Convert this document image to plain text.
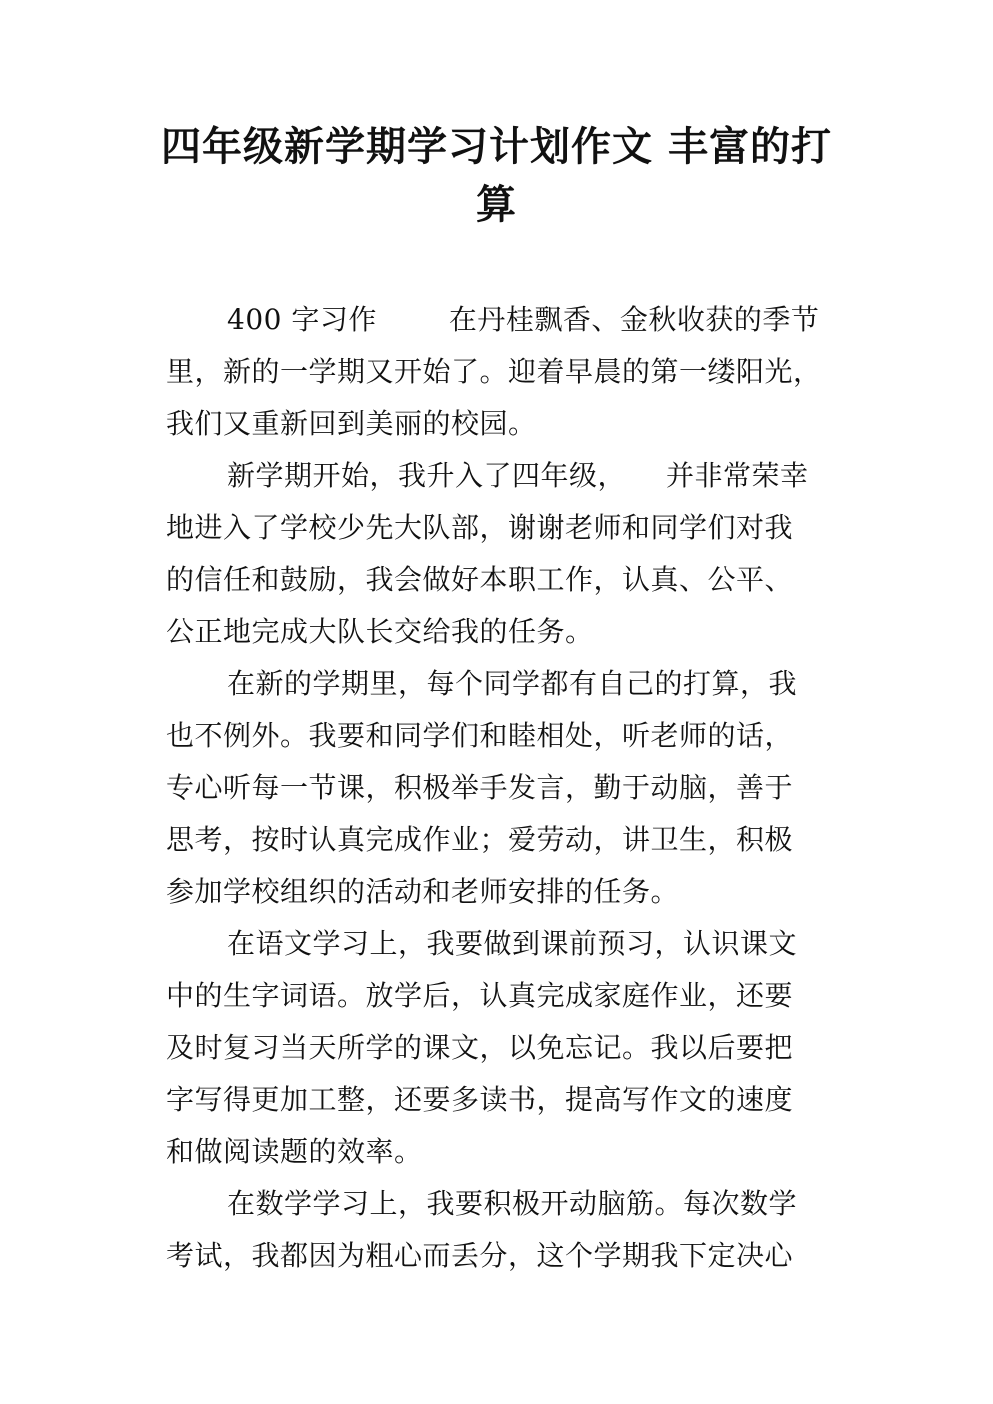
四年级新学期学习计划作文 丰富的打
算
400 字习作	在丹桂飘香、金秋收获的季节
里，新的一学期又开始了。迎着早晨的第一缕阳光，
我们又重新回到美丽的校园。
新学期开始，我升入了四年级， 并非常荣幸
地进入了学校少先大队部，谢谢老师和同学们对我
的信任和鼓励，我会做好本职工作，认真、公平、
公正地完成大队长交给我的任务。
在新的学期里，每个同学都有自己的打算，我
也不例外。我要和同学们和睦相处，听老师的话，
专心听每一节课，积极举手发言，勤于动脑，善于
思考，按时认真完成作业；爱劳动，讲卫生，积极
参加学校组织的活动和老师安排的任务。
在语文学习上，我要做到课前预习，认识课文
中的生字词语。放学后，认真完成家庭作业，还要
及时复习当天所学的课文，以免忘记。我以后要把
字写得更加工整，还要多读书，提高写作文的速度
和做阅读题的效率。
在数学学习上，我要积极开动脑筋。每次数学
考试，我都因为粗心而丢分，这个学期我下定决心
